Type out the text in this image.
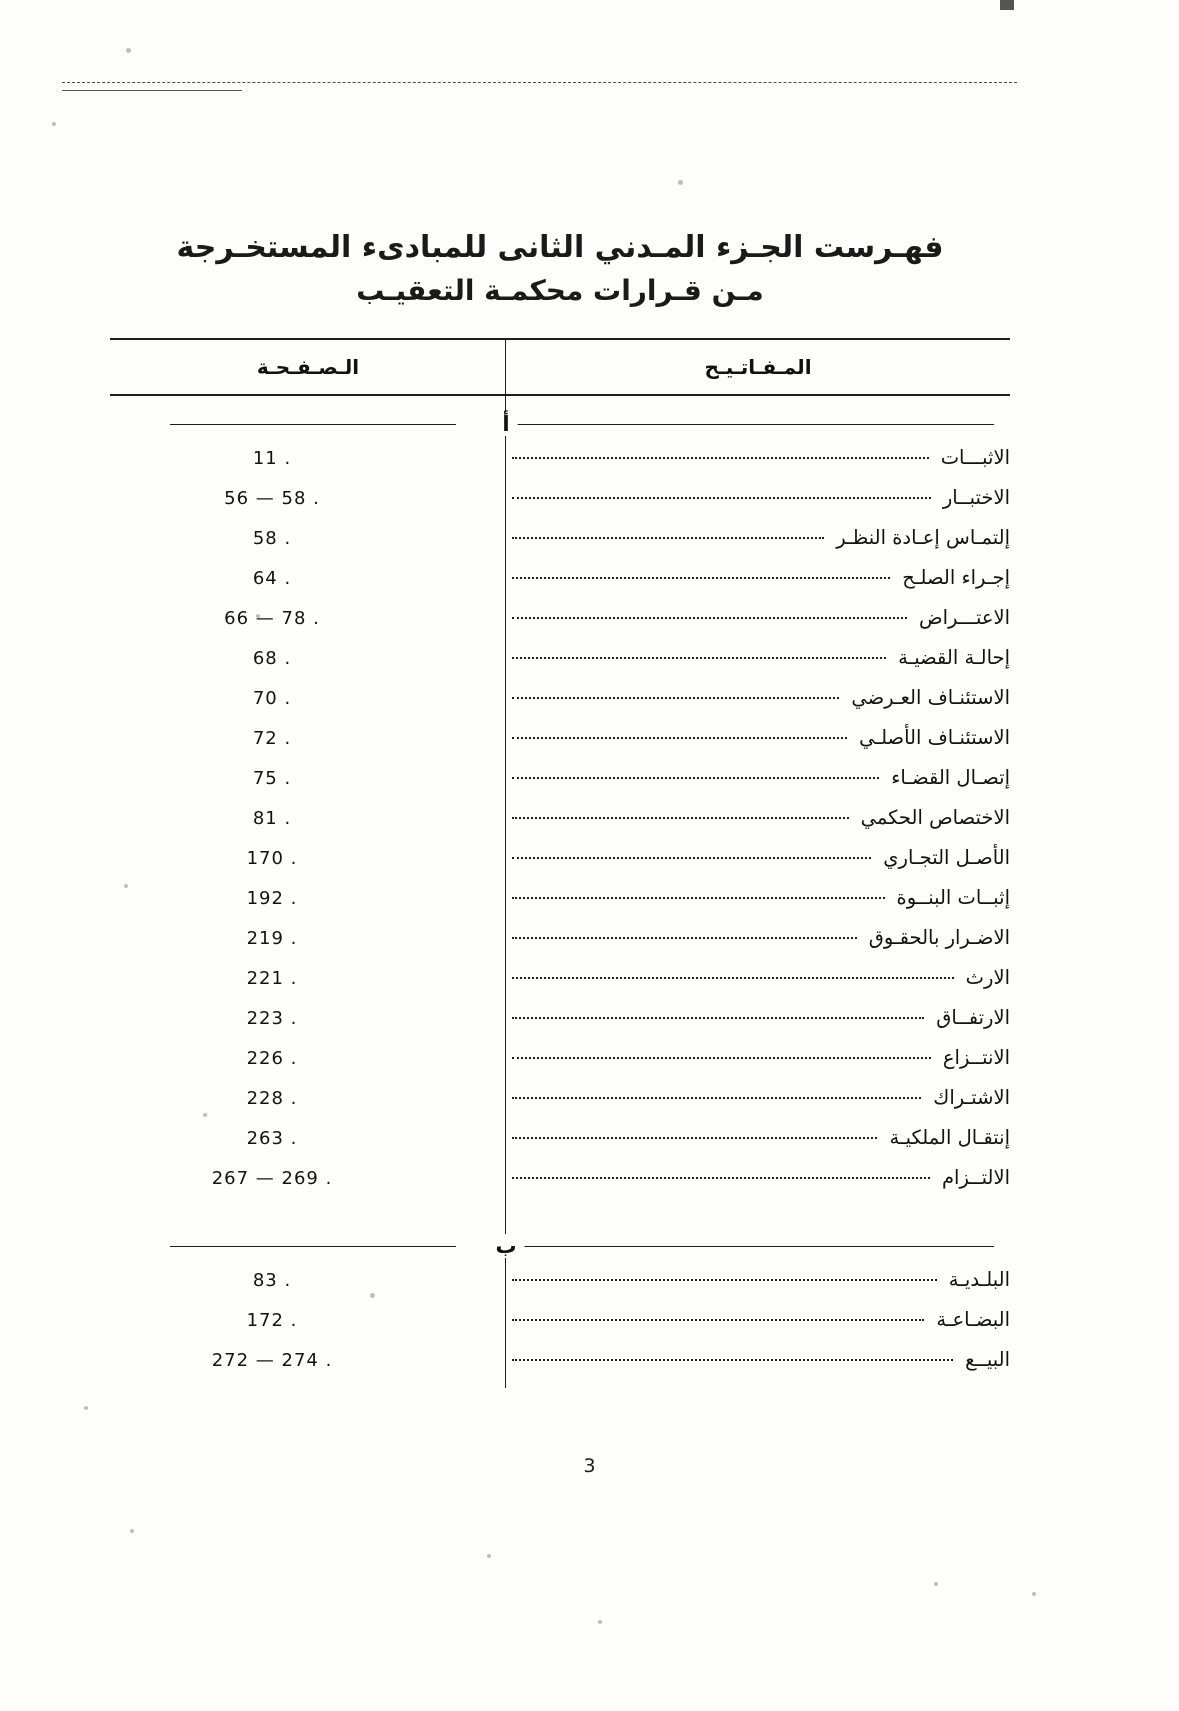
فهـرست الجـزء المـدني الثانى للمبادىء المستخـرجة
مـن قـرارات محكمـة التعقيـب
المـفـاتـيـح
الـصـفـحـة
أ
الاثبـــات
11 .
الاختبــار
56 — 58 .
إلتمـاس إعـادة النظـر
58 .
إجـراء الصلـح
64 .
الاعتـــراض
66 — 78 .
إحالـة القضيـة
68 .
الاستئنـاف العـرضي
70 .
الاستئنـاف الأصلـي
72 .
إتصـال القضـاء
75 .
الاختصاص الحكمي
81 .
الأصـل التجـاري
170 .
إثبــات البنــوة
192 .
الاضـرار بالحقـوق
219 .
الارث
221 .
الارتفــاق
223 .
الانتــزاع
226 .
الاشتـراك
228 .
إنتقـال الملكيـة
263 .
الالتــزام
267 — 269 .
ب
البلـديـة
83 .
البضـاعـة
172 .
البيــع
272 — 274 .
3
